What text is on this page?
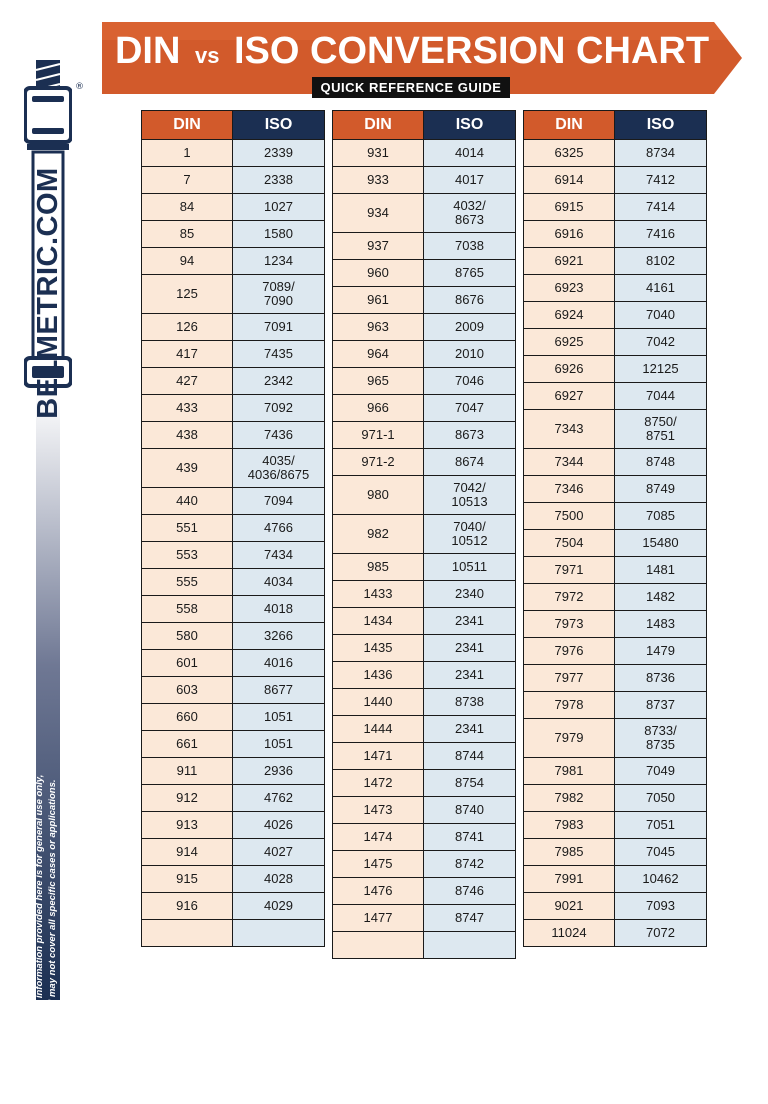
®
BELMETRIC.COM
*The information provided here is for general use only, and may not cover all specific cases or applications.
DIN vs ISO CONVERSION CHART
QUICK REFERENCE GUIDE
DIN	ISO
1	2339

7	2338

84	1027

85	1580

94	1234

125	7089/
7090

126	7091

417	7435

427	2342

433	7092

438	7436

439	4035/
4036/8675

440	7094

551	4766

553	7434

555	4034

558	4018

580	3266

601	4016

603	8677

660	1051

661	1051

911	2936

912	4762

913	4026

914	4027

915	4028

916	4029

DIN	ISO
931	4014

933	4017

934	4032/
8673

937	7038

960	8765

961	8676

963	2009

964	2010

965	7046

966	7047

971-1	8673

971-2	8674

980	7042/
10513

982	7040/
10512

985	10511

1433	2340

1434	2341

1435	2341

1436	2341

1440	8738

1444	2341

1471	8744

1472	8754

1473	8740

1474	8741

1475	8742

1476	8746

1477	8747

DIN	ISO
6325	8734

6914	7412

6915	7414

6916	7416

6921	8102

6923	4161

6924	7040

6925	7042

6926	12125

6927	7044

7343	8750/
8751

7344	8748

7346	8749

7500	7085

7504	15480

7971	1481

7972	1482

7973	1483

7976	1479

7977	8736

7978	8737

7979	8733/
8735

7981	7049

7982	7050

7983	7051

7985	7045

7991	10462

9021	7093

11024	7072
